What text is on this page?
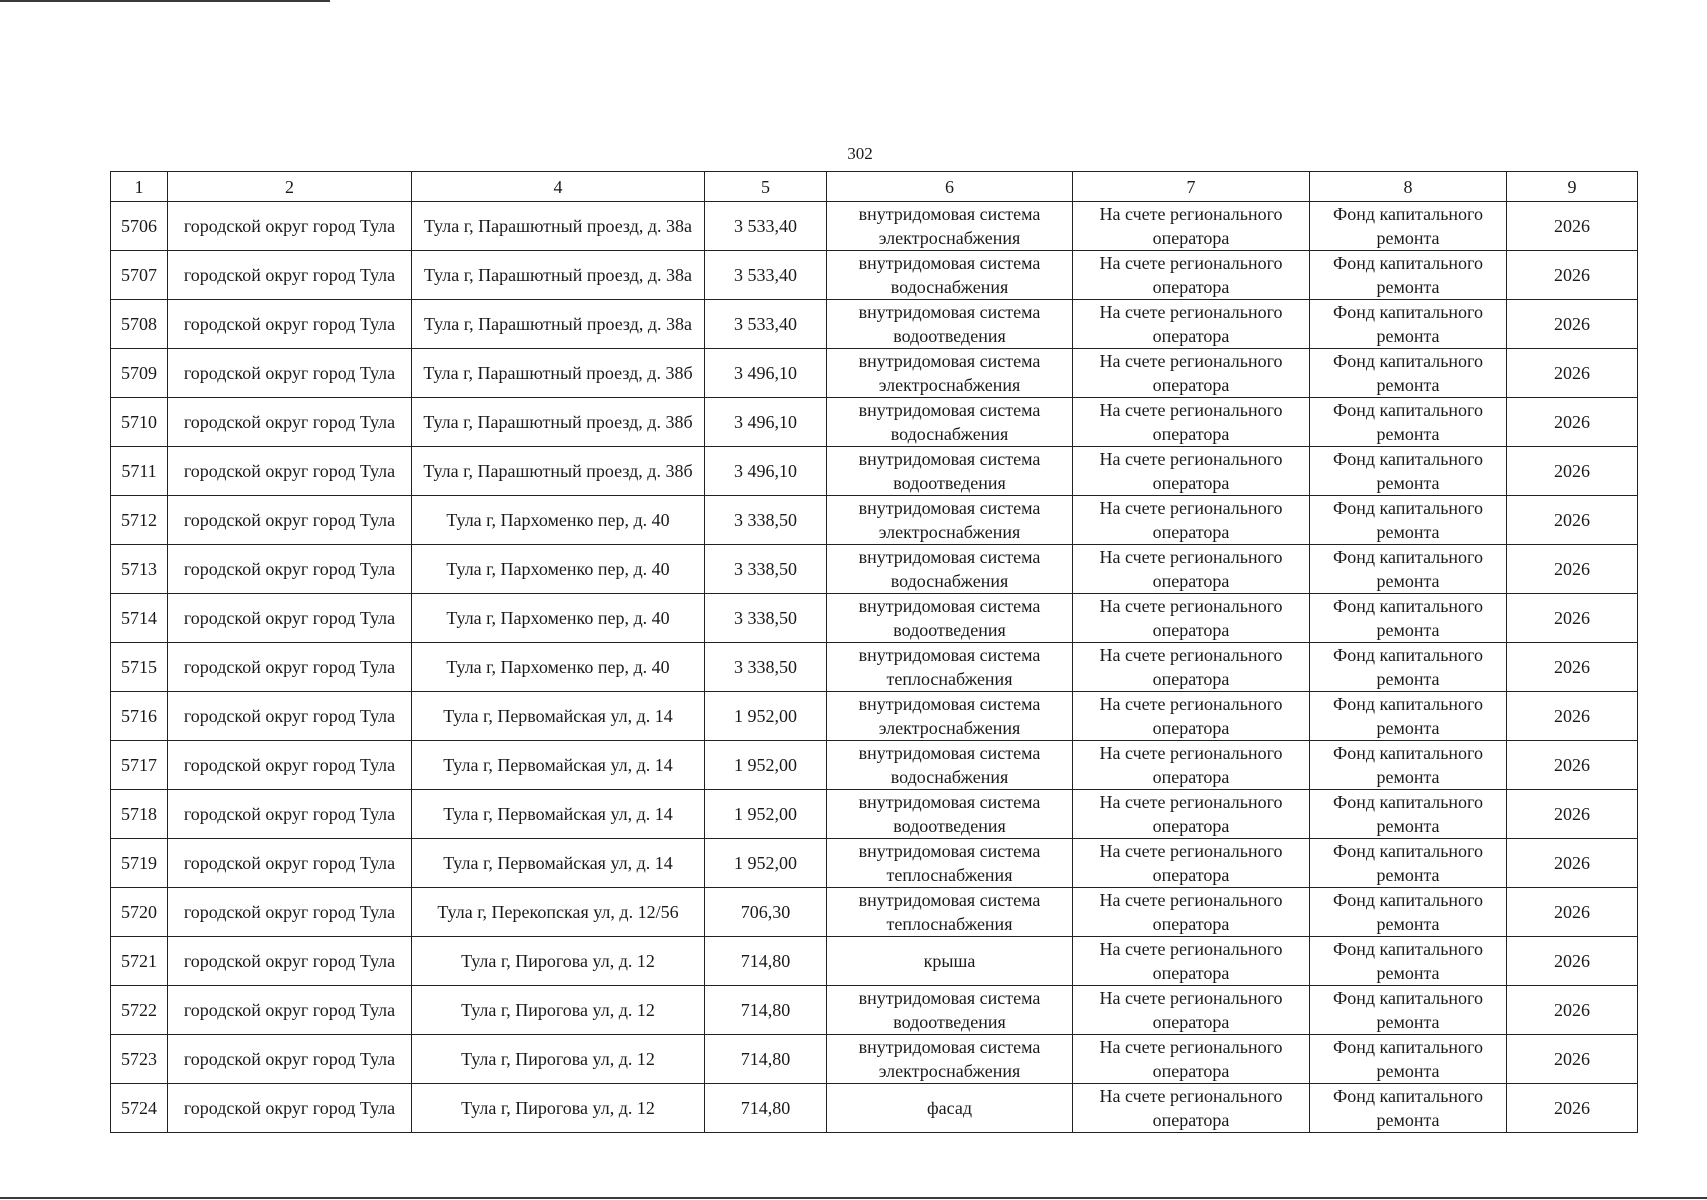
302
1	2	4	5	6	7	8	9
5706	городской округ город Тула	Тула г, Парашютный проезд, д. 38а	3 533,40	внутридомовая система электроснабжения	На счете регионального оператора	Фонд капитального ремонта	2026
5707	городской округ город Тула	Тула г, Парашютный проезд, д. 38а	3 533,40	внутридомовая система водоснабжения	На счете регионального оператора	Фонд капитального ремонта	2026
5708	городской округ город Тула	Тула г, Парашютный проезд, д. 38а	3 533,40	внутридомовая система водоотведения	На счете регионального оператора	Фонд капитального ремонта	2026
5709	городской округ город Тула	Тула г, Парашютный проезд, д. 38б	3 496,10	внутридомовая система электроснабжения	На счете регионального оператора	Фонд капитального ремонта	2026
5710	городской округ город Тула	Тула г, Парашютный проезд, д. 38б	3 496,10	внутридомовая система водоснабжения	На счете регионального оператора	Фонд капитального ремонта	2026
5711	городской округ город Тула	Тула г, Парашютный проезд, д. 38б	3 496,10	внутридомовая система водоотведения	На счете регионального оператора	Фонд капитального ремонта	2026
5712	городской округ город Тула	Тула г, Пархоменко пер, д. 40	3 338,50	внутридомовая система электроснабжения	На счете регионального оператора	Фонд капитального ремонта	2026
5713	городской округ город Тула	Тула г, Пархоменко пер, д. 40	3 338,50	внутридомовая система водоснабжения	На счете регионального оператора	Фонд капитального ремонта	2026
5714	городской округ город Тула	Тула г, Пархоменко пер, д. 40	3 338,50	внутридомовая система водоотведения	На счете регионального оператора	Фонд капитального ремонта	2026
5715	городской округ город Тула	Тула г, Пархоменко пер, д. 40	3 338,50	внутридомовая система теплоснабжения	На счете регионального оператора	Фонд капитального ремонта	2026
5716	городской округ город Тула	Тула г, Первомайская ул, д. 14	1 952,00	внутридомовая система электроснабжения	На счете регионального оператора	Фонд капитального ремонта	2026
5717	городской округ город Тула	Тула г, Первомайская ул, д. 14	1 952,00	внутридомовая система водоснабжения	На счете регионального оператора	Фонд капитального ремонта	2026
5718	городской округ город Тула	Тула г, Первомайская ул, д. 14	1 952,00	внутридомовая система водоотведения	На счете регионального оператора	Фонд капитального ремонта	2026
5719	городской округ город Тула	Тула г, Первомайская ул, д. 14	1 952,00	внутридомовая система теплоснабжения	На счете регионального оператора	Фонд капитального ремонта	2026
5720	городской округ город Тула	Тула г, Перекопская ул, д. 12/56	706,30	внутридомовая система теплоснабжения	На счете регионального оператора	Фонд капитального ремонта	2026
5721	городской округ город Тула	Тула г, Пирогова ул, д. 12	714,80	крыша	На счете регионального оператора	Фонд капитального ремонта	2026
5722	городской округ город Тула	Тула г, Пирогова ул, д. 12	714,80	внутридомовая система водоотведения	На счете регионального оператора	Фонд капитального ремонта	2026
5723	городской округ город Тула	Тула г, Пирогова ул, д. 12	714,80	внутридомовая система электроснабжения	На счете регионального оператора	Фонд капитального ремонта	2026
5724	городской округ город Тула	Тула г, Пирогова ул, д. 12	714,80	фасад	На счете регионального оператора	Фонд капитального ремонта	2026
